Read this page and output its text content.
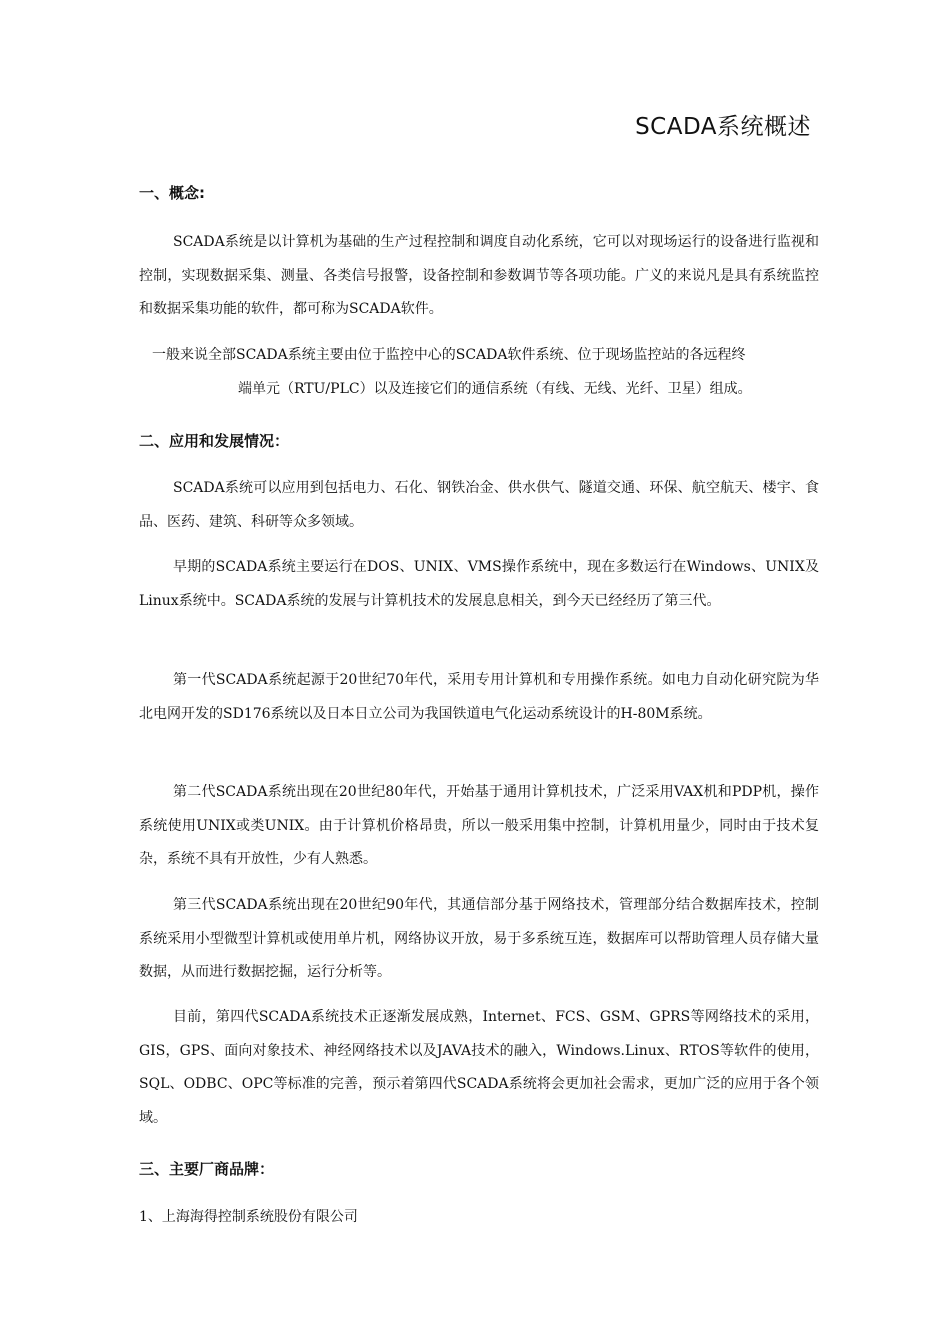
SCADA系统概述
一、概念:

SCADA系统是以计算机为基础的生产过程控制和调度自动化系统，它可以对现场运行的设备进行监视和控制，实现数据采集、测量、各类信号报警，设备控制和参数调节等各项功能。广义的来说凡是具有系统监控和数据采集功能的软件，都可称为SCADA软件。

一般来说全部SCADA系统主要由位于监控中心的SCADA软件系统、位于现场监控站的各远程终
端单元（RTU/PLC）以及连接它们的通信系统（有线、无线、光纤、卫星）组成。
二、应用和发展情况：

SCADA系统可以应用到包括电力、石化、钢铁冶金、供水供气、隧道交通、环保、航空航天、楼宇、食品、医药、建筑、科研等众多领域。

早期的SCADA系统主要运行在DOS、UNIX、VMS操作系统中，现在多数运行在Windows、UNIX及Linux系统中。SCADA系统的发展与计算机技术的发展息息相关，到今天已经经历了第三代。

第一代SCADA系统起源于20世纪70年代，采用专用计算机和专用操作系统。如电力自动化研究院为华北电网开发的SD176系统以及日本日立公司为我国铁道电气化运动系统设计的H-80M系统。

第二代SCADA系统出现在20世纪80年代，开始基于通用计算机技术，广泛采用VAX机和PDP机，操作系统使用UNIX或类UNIX。由于计算机价格昂贵，所以一般采用集中控制，计算机用量少，同时由于技术复杂，系统不具有开放性，少有人熟悉。

第三代SCADA系统出现在20世纪90年代，其通信部分基于网络技术，管理部分结合数据库技术，控制系统采用小型微型计算机或使用单片机，网络协议开放，易于多系统互连，数据库可以帮助管理人员存储大量数据，从而进行数据挖掘，运行分析等。

目前，第四代SCADA系统技术正逐渐发展成熟，Internet、FCS、GSM、GPRS等网络技术的采用，GIS，GPS、面向对象技术、神经网络技术以及JAVA技术的融入，Windows.Linux、RTOS等软件的使用，SQL、ODBC、OPC等标准的完善，预示着第四代SCADA系统将会更加社会需求，更加广泛的应用于各个领域。

三、主要厂商品牌：
1、上海海得控制系统股份有限公司
